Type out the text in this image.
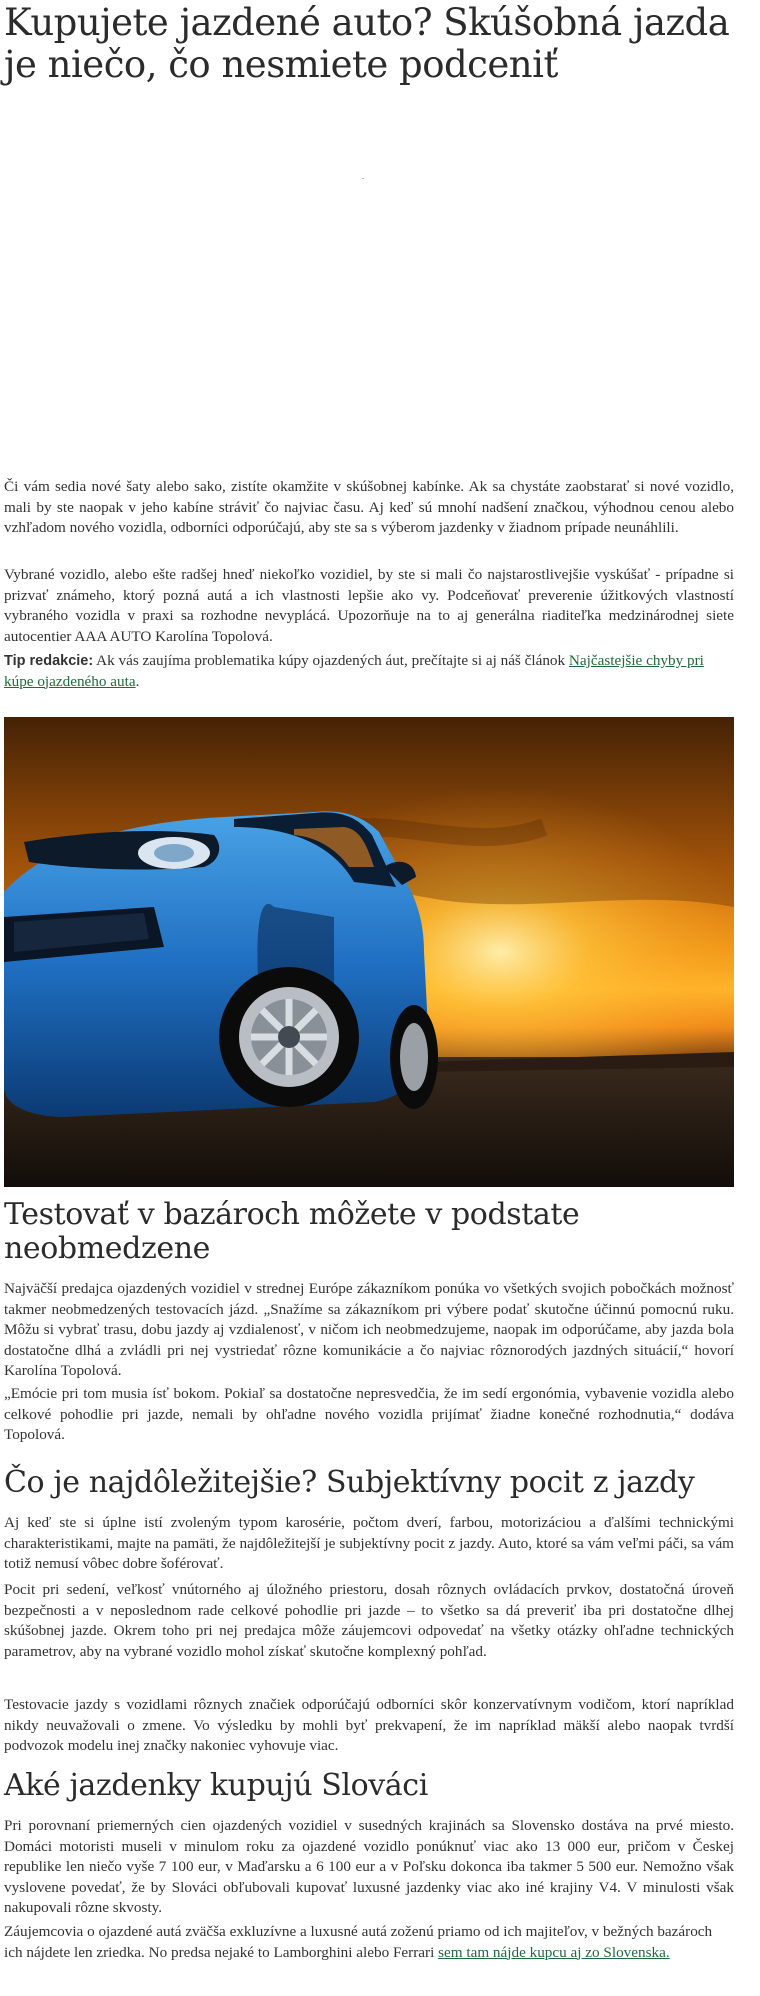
Kupujete jazdené auto? Skúšobná jazda je niečo, čo nesmiete podceniť

Či vám sedia nové šaty alebo sako, zistíte okamžite v skúšobnej kabínke. Ak sa chystáte zaobstarať si nové vozidlo, mali by ste naopak v jeho kabíne stráviť čo najviac času. Aj keď sú mnohí nadšení značkou, výhodnou cenou alebo vzhľadom nového vozidla, odborníci odporúčajú, aby ste sa s výberom jazdenky v žiadnom prípade neunáhlili.

Vybrané vozidlo, alebo ešte radšej hneď niekoľko vozidiel, by ste si mali čo najstarostlivejšie vyskúšať - prípadne si prizvať známeho, ktorý pozná autá a ich vlastnosti lepšie ako vy. Podceňovať preverenie úžitkových vlastností vybraného vozidla v praxi sa rozhodne nevyplácá. Upozorňuje na to aj generálna riaditeľka medzinárodnej siete autocentier AAA AUTO Karolína Topolová.

Tip redakcie: Ak vás zaujíma problematika kúpy ojazdených áut, prečítajte si aj náš článok Najčastejšie chyby pri kúpe ojazdeného auta.

Testovať v bazároch môžete v podstate neobmedzene

Najväčší predajca ojazdených vozidiel v strednej Európe zákazníkom ponúka vo všetkých svojich pobočkách možnosť takmer neobmedzených testovacích jázd. „Snažíme sa zákazníkom pri výbere podať skutočne účinnú pomocnú ruku. Môžu si vybrať trasu, dobu jazdy aj vzdialenosť, v ničom ich neobmedzujeme, naopak im odporúčame, aby jazda bola dostatočne dlhá a zvládli pri nej vystriedať rôzne komunikácie a čo najviac rôznorodých jazdných situácií,“ hovorí Karolína Topolová.

„Emócie pri tom musia ísť bokom. Pokiaľ sa dostatočne nepresvedčia, že im sedí ergonómia, vybavenie vozidla alebo celkové pohodlie pri jazde, nemali by ohľadne nového vozidla prijímať žiadne konečné rozhodnutia,“ dodáva Topolová.

Čo je najdôležitejšie? Subjektívny pocit z jazdy

Aj keď ste si úplne istí zvoleným typom karosérie, počtom dverí, farbou, motorizáciou a ďalšími technickými charakteristikami, majte na pamäti, že najdôležitejší je subjektívny pocit z jazdy. Auto, ktoré sa vám veľmi páči, sa vám totiž nemusí vôbec dobre šoférovať.

Pocit pri sedení, veľkosť vnútorného aj úložného priestoru, dosah rôznych ovládacích prvkov, dostatočná úroveň bezpečnosti a v neposlednom rade celkové pohodlie pri jazde – to všetko sa dá preveriť iba pri dostatočne dlhej skúšobnej jazde. Okrem toho pri nej predajca môže záujemcovi odpovedať na všetky otázky ohľadne technických parametrov, aby na vybrané vozidlo mohol získať skutočne komplexný pohľad.

Testovacie jazdy s vozidlami rôznych značiek odporúčajú odborníci skôr konzervatívnym vodičom, ktorí napríklad nikdy neuvažovali o zmene. Vo výsledku by mohli byť prekvapení, že im napríklad mäkší alebo naopak tvrdší podvozok modelu inej značky nakoniec vyhovuje viac.

Aké jazdenky kupujú Slováci

Pri porovnaní priemerných cien ojazdených vozidiel v susedných krajinách sa Slovensko dostáva na prvé miesto. Domáci motoristi museli v minulom roku za ojazdené vozidlo ponúknuť viac ako 13 000 eur, pričom v Českej republike len niečo vyše 7 100 eur, v Maďarsku a 6 100 eur a v Poľsku dokonca iba takmer 5 500 eur. Nemožno však vyslovene povedať, že by Slováci obľubovali kupovať luxusné jazdenky viac ako iné krajiny V4. V minulosti však nakupovali rôzne skvosty.

Záujemcovia o ojazdené autá zväčša exkluzívne a luxusné autá zoženú priamo od ich majiteľov, v bežných bazároch ich nájdete len zriedka. No predsa nejaké to Lamborghini alebo Ferrari sem tam nájde kupcu aj zo Slovenska.
